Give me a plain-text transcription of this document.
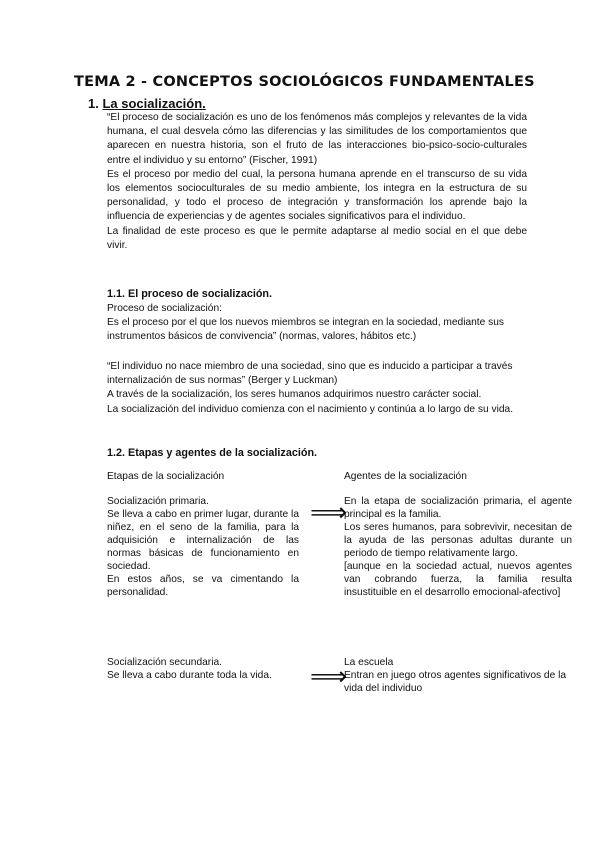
TEMA 2 - CONCEPTOS SOCIOLÓGICOS FUNDAMENTALES
1. La socialización.

“El proceso de socialización es uno de los fenómenos más complejos y relevantes de la vida humana, el cual desvela cómo las diferencias y las similitudes de los comportamientos que aparecen en nuestra historia, son el fruto de las interacciones bio-psico-socio-culturales entre el individuo y su entorno” (Fischer, 1991)

Es el proceso por medio del cual, la persona humana aprende en el transcurso de su vida los elementos socioculturales de su medio ambiente, los integra en la estructura de su personalidad, y todo el proceso de integración y transformación los aprende bajo la influencia de experiencias y de agentes sociales significativos para el individuo.

La finalidad de este proceso es que le permite adaptarse al medio social en el que debe vivir.

1.1. El proceso de socialización.

Proceso de socialización:

Es el proceso por el que los nuevos miembros se integran en la sociedad, mediante sus instrumentos básicos de convivencia” (normas, valores, hábitos etc.)

“El individuo no nace miembro de una sociedad, sino que es inducido a participar a través internalización de sus normas” (Berger y Luckman)

A través de la socialización, los seres humanos adquirimos nuestro carácter social.

La socialización del individuo comienza con el nacimiento y continúa a lo largo de su vida.

1.2. Etapas y agentes de la socialización.
Etapas de la socialización	Agentes de la socialización

Socialización primaria.

Se lleva a cabo en primer lugar, durante la niñez, en el seno de la familia, para la adquisición e internalización de las normas básicas de funcionamiento en sociedad.

En estos años, se va cimentando la personalidad.

⟹

En la etapa de socialización primaria, el agente principal es la familia.

Los seres humanos, para sobrevivir, necesitan de la ayuda de las personas adultas durante un periodo de tiempo relativamente largo.

[aunque en la sociedad actual, nuevos agentes van cobrando fuerza, la familia resulta insustituible en el desarrollo emocional-afectivo]

Socialización secundaria.

Se lleva a cabo durante toda la vida.	⟹

La escuela

Entran en juego otros agentes significativos de la vida del individuo
